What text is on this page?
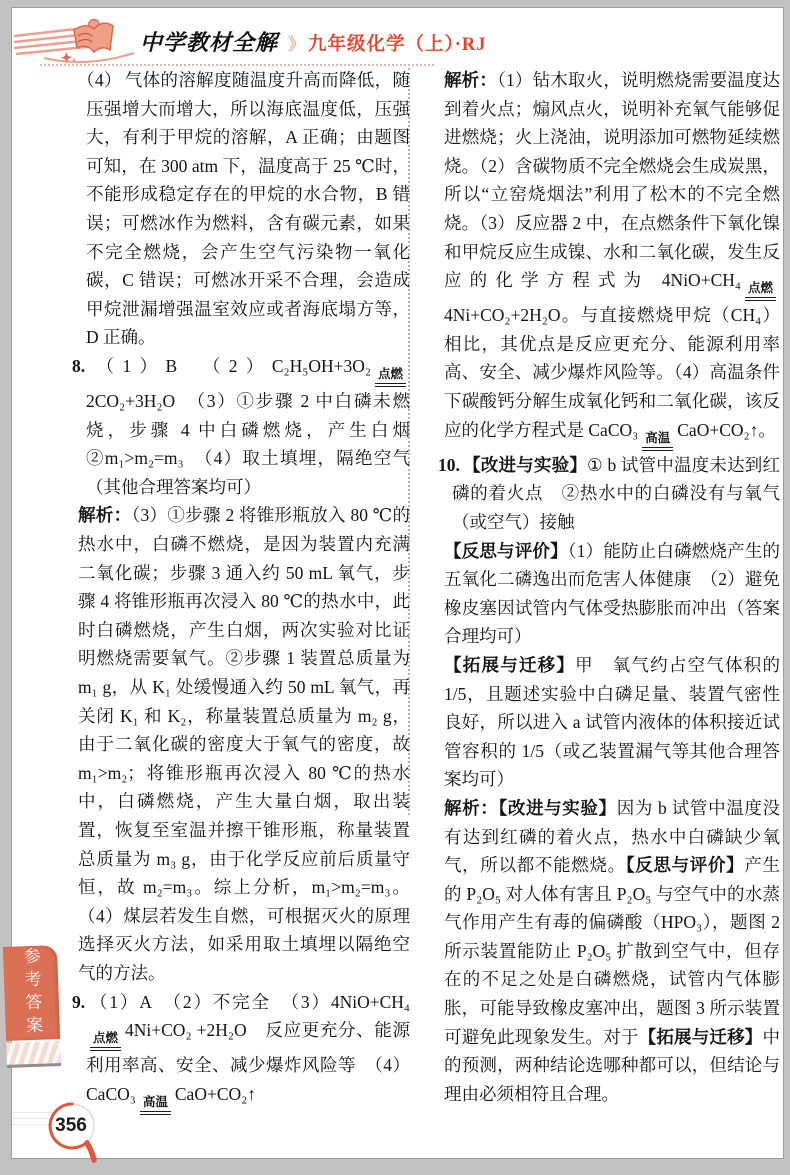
中学教材全解 》 九年级化学（上）·RJ
（4） 气体的溶解度随温度升高而降低，随压强增大而增大，所以海底温度低，压强大，有利于甲烷的溶解，A 正确；由题图可知，在 300 atm 下，温度高于 25 ℃时，不能形成稳定存在的甲烷的水合物，B 错误；可燃冰作为燃料，含有碳元素，如果不完全燃烧，会产生空气污染物一氧化碳，C 错误；可燃冰开采不合理，会造成甲烷泄漏增强温室效应或者海底塌方等，D 正确。
8. （1）B　（2）C₂H₅OH+3O₂ 点燃2CO₂+3H₂O　（3）①步骤 2 中白磷未燃烧，步骤 4 中白磷燃烧，产生白烟　②m₁>m₂=m₃　（4）取土填埋，隔绝空气（其他合理答案均可）
解析：（3）①步骤 2 将锥形瓶放入 80 ℃的热水中，白磷不燃烧，是因为装置内充满二氧化碳；步骤 3 通入约 50 mL 氧气，步骤 4 将锥形瓶再次浸入 80 ℃的热水中，此时白磷燃烧，产生白烟，两次实验对比证明燃烧需要氧气。②步骤 1 装置总质量为 m₁ g，从 K₁ 处缓慢通入约 50 mL 氧气，再关闭 K₁ 和 K₂，称量装置总质量为 m₂ g，由于二氧化碳的密度大于氧气的密度，故 m₁>m₂；将锥形瓶再次浸入 80 ℃的热水中，白磷燃烧，产生大量白烟，取出装置，恢复至室温并擦干锥形瓶，称量装置总质量为 m₃ g，由于化学反应前后质量守恒，故 m₂=m₃。综上分析，m₁>m₂=m₃。（4）煤层若发生自燃，可根据灭火的原理选择灭火方法，如采用取土填埋以隔绝空气的方法。
9. （1）A　（2）不完全　（3）4NiO+CH₄点燃 4Ni+CO₂ +2H₂O　反应更充分、能源利用率高、安全、减少爆炸风险等　（4）CaCO₃ 高温 CaO+CO₂↑
解析：（1）钻木取火，说明燃烧需要温度达到着火点；煽风点火，说明补充氧气能够促进燃烧；火上浇油，说明添加可燃物延续燃烧。（2）含碳物质不完全燃烧会生成炭黑，所以“立窑烧烟法”利用了松木的不完全燃烧。（3）反应器 2 中，在点燃条件下氧化镍和甲烷反应生成镍、水和二氧化碳，发生反应的化学方程式为 4NiO+CH₄ 点燃4Ni+CO₂+2H₂O。与直接燃烧甲烷（CH₄）相比，其优点是反应更充分、能源利用率高、安全、减少爆炸风险等。（4）高温条件下碳酸钙分解生成氧化钙和二氧化碳，该反应的化学方程式是 CaCO₃ 高温 CaO+CO₂↑。
10. 【改进与实验】① b 试管中温度未达到红磷的着火点　②热水中的白磷没有与氧气（或空气）接触
【反思与评价】（1）能防止白磷燃烧产生的五氧化二磷逸出而危害人体健康　（2）避免橡皮塞因试管内气体受热膨胀而冲出（答案合理均可）
【拓展与迁移】甲　氧气约占空气体积的 1/5，且题述实验中白磷足量、装置气密性良好，所以进入 a 试管内液体的体积接近试管容积的 1/5（或乙装置漏气等其他合理答案均可）
解析：【改进与实验】因为 b 试管中温度没有达到红磷的着火点，热水中白磷缺少氧气，所以都不能燃烧。【反思与评价】产生的 P₂O₅ 对人体有害且 P₂O₅ 与空气中的水蒸气作用产生有毒的偏磷酸（HPO₃），题图 2 所示装置能防止 P₂O₅ 扩散到空气中，但存在的不足之处是白磷燃烧，试管内气体膨胀，可能导致橡皮塞冲出，题图 3 所示装置可避免此现象发生。对于【拓展与迁移】中的预测，两种结论选哪种都可以，但结论与理由必须相符且合理。
356
参考答案
